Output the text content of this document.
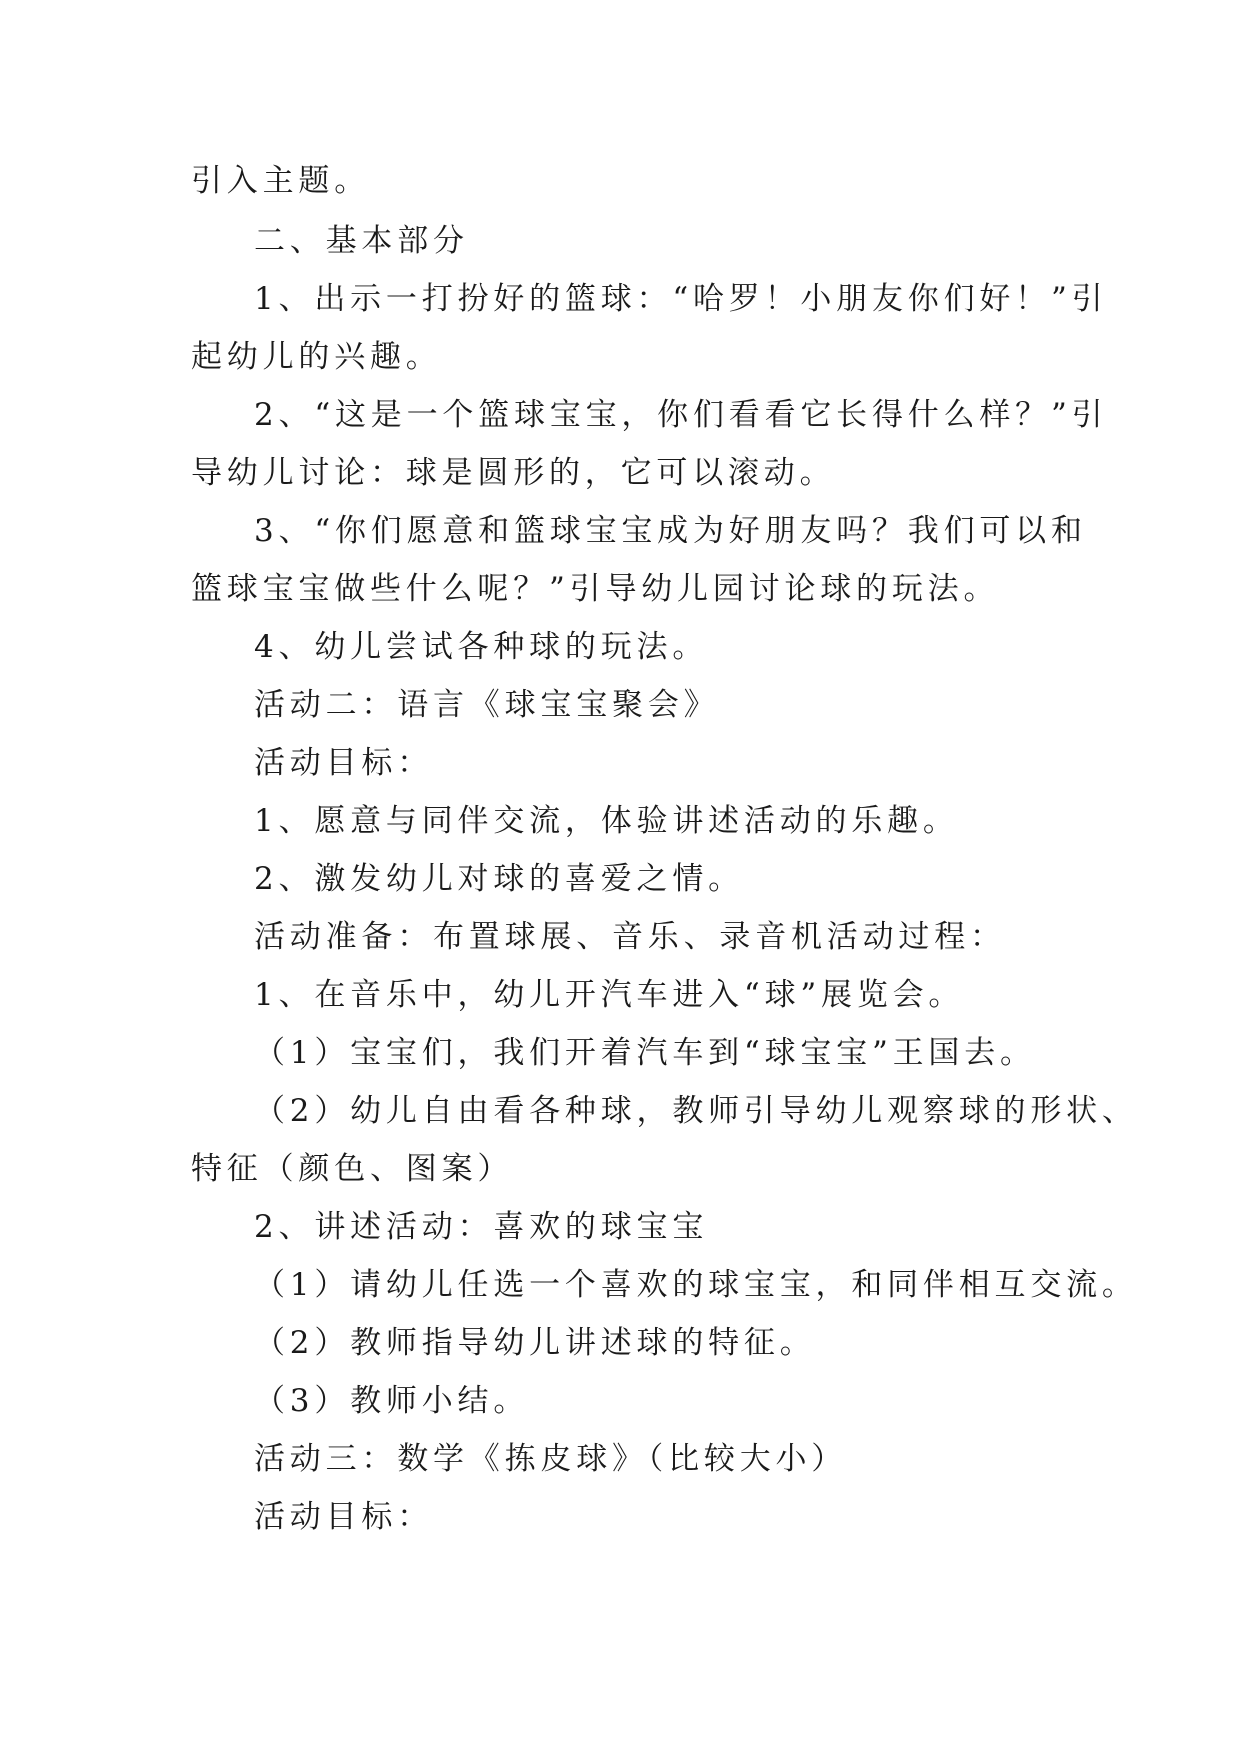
引入主题。
二、基本部分
1、出示一打扮好的篮球：“哈罗！小朋友你们好！”引
起幼儿的兴趣。
2、“这是一个篮球宝宝，你们看看它长得什么样？”引
导幼儿讨论：球是圆形的，它可以滚动。
3、“你们愿意和篮球宝宝成为好朋友吗？我们可以和
篮球宝宝做些什么呢？”引导幼儿园讨论球的玩法。
4、幼儿尝试各种球的玩法。
活动二：语言《球宝宝聚会》
活动目标：
1、愿意与同伴交流，体验讲述活动的乐趣。
2、激发幼儿对球的喜爱之情。
活动准备：布置球展、音乐、录音机活动过程：
1、在音乐中，幼儿开汽车进入“球”展览会。
（1）宝宝们，我们开着汽车到“球宝宝”王国去。
（2）幼儿自由看各种球，教师引导幼儿观察球的形状、
特征（颜色、图案）
2、讲述活动：喜欢的球宝宝
（1）请幼儿任选一个喜欢的球宝宝，和同伴相互交流。
（2）教师指导幼儿讲述球的特征。
（3）教师小结。
活动三：数学《拣皮球》（比较大小）
活动目标：
